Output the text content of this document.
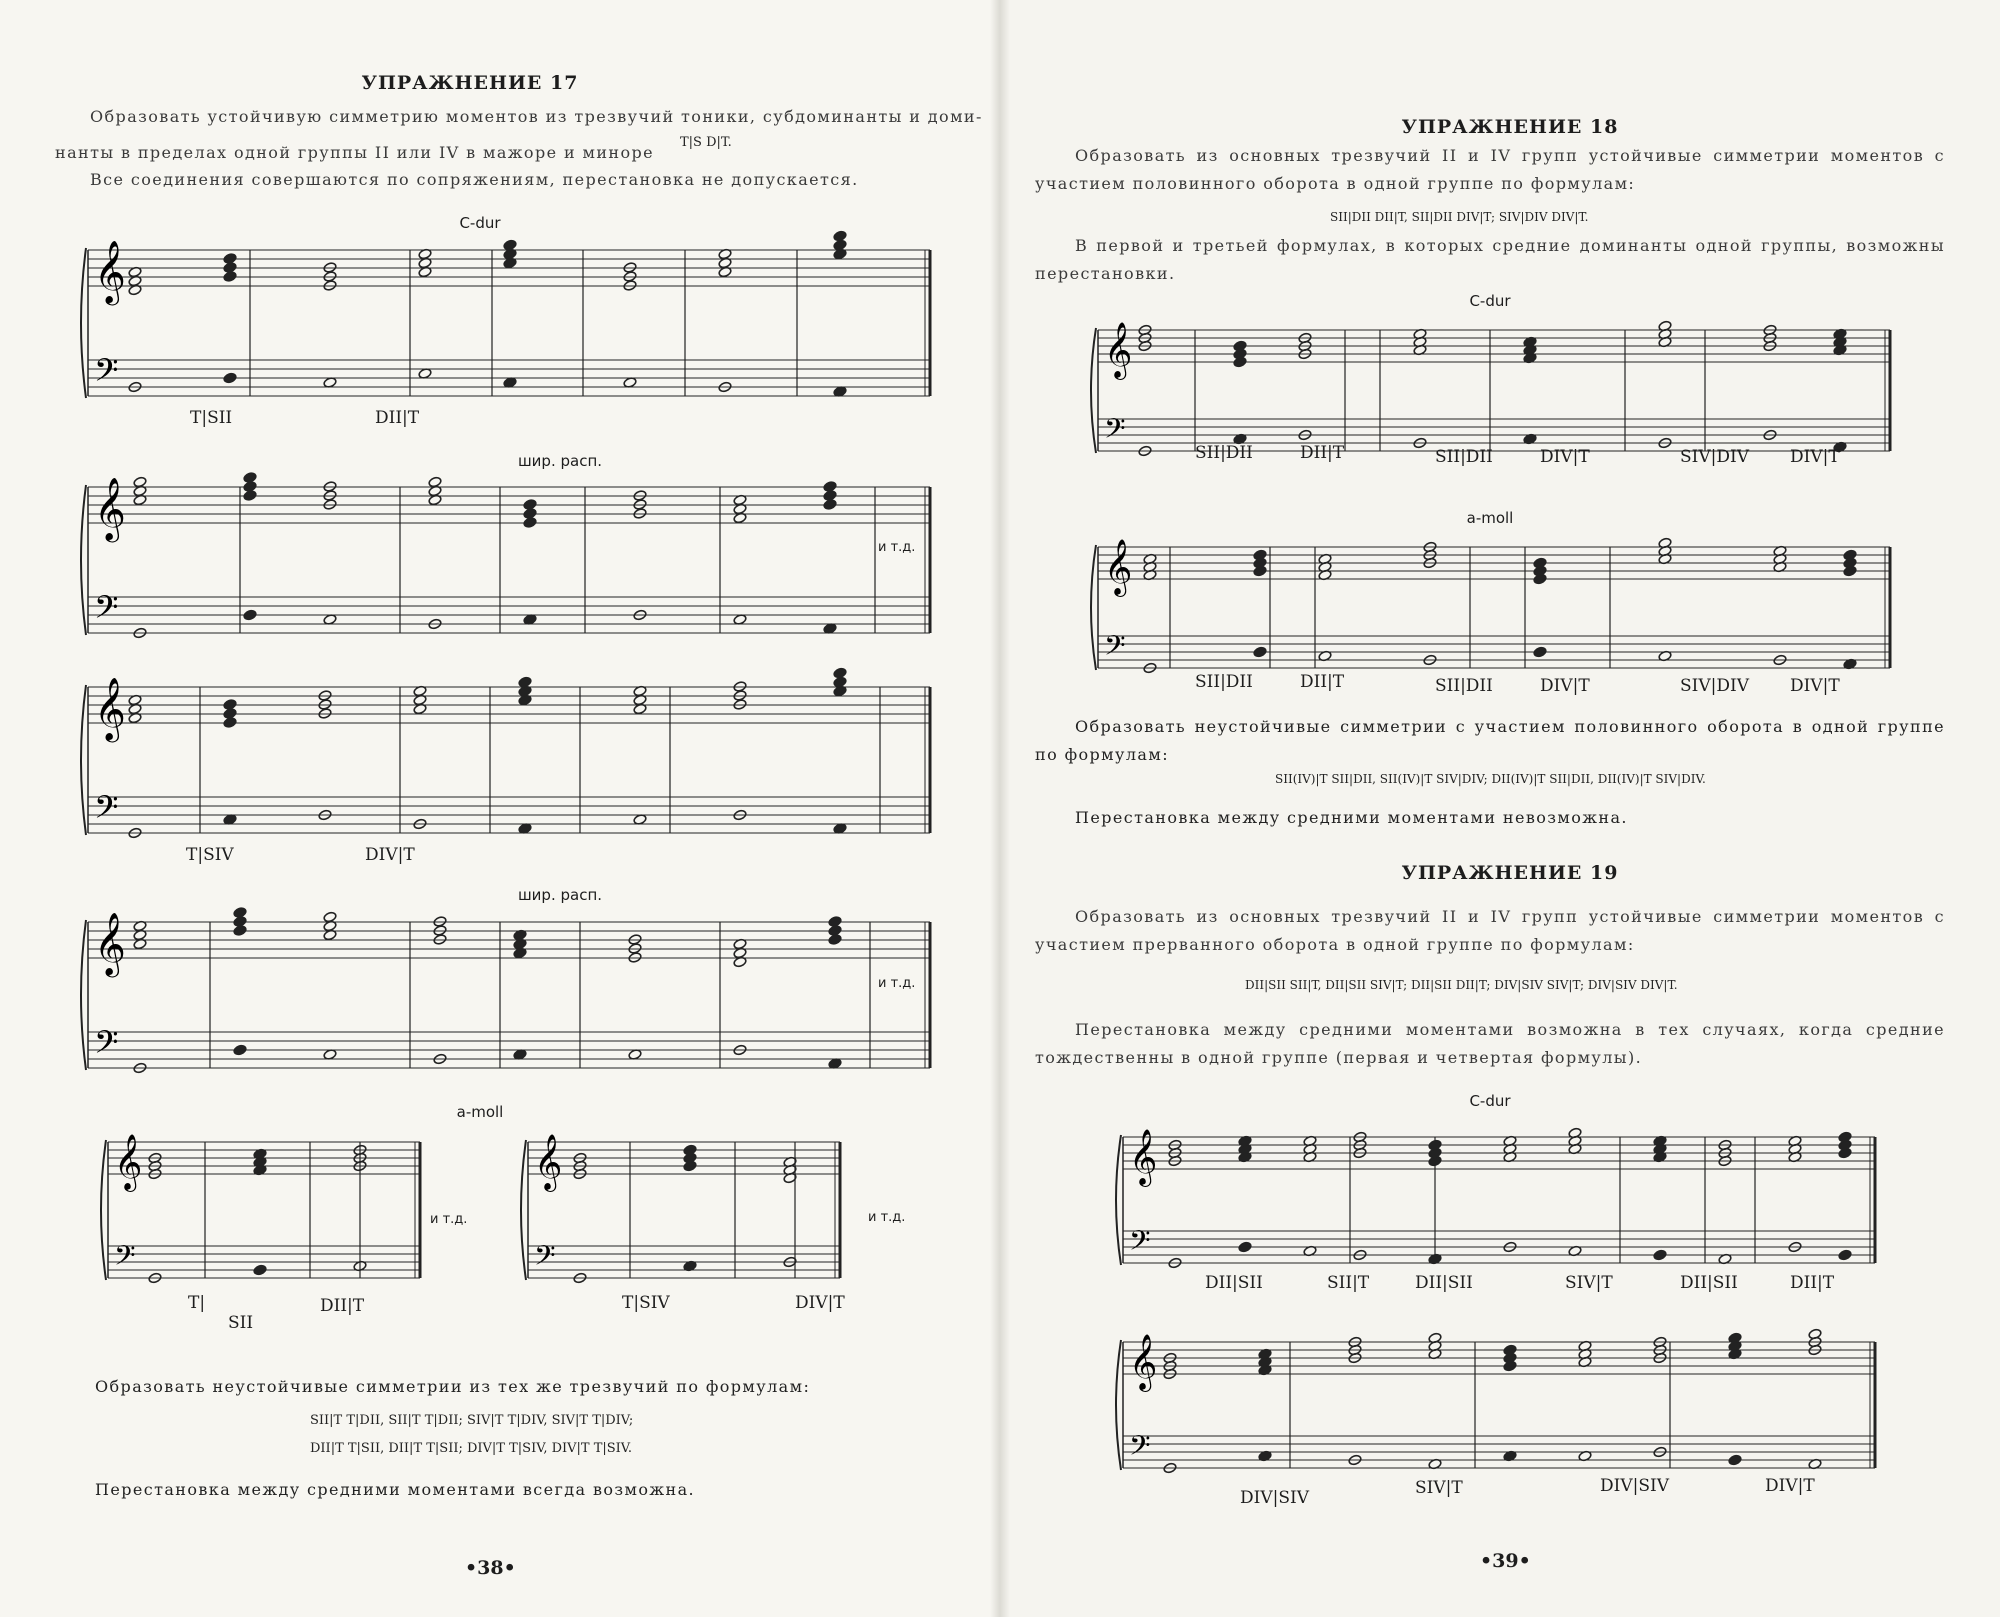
УПРАЖНЕНИЕ 17
Образовать устойчивую симметрию моментов из трезвучий тоники, субдоминанты и доми-
нанты в пределах одной группы II или IV в мажоре и миноре
T|S D|T.
Все соединения совершаются по сопряжениям, перестановка не допускается.
C-dur
шир. расп.
шир. расп.
a-moll
𝄞
𝄢
T|SII	DII|T
𝄞
𝄢
и т.д.
𝄞
𝄢
T|SIV	DIV|T
𝄞
𝄢
и т.д.
𝄞
𝄢
и т.д.
T|
SII
DII|T
𝄞
𝄢
и т.д.
T|SIV	DIV|T
Образовать неустойчивые симметрии из тех же трезвучий по формулам:
SII|T T|DII, SII|T T|DII; SIV|T T|DIV, SIV|T T|DIV;
DII|T T|SII, DII|T T|SII; DIV|T T|SIV, DIV|T T|SIV.
Перестановка между средними моментами всегда возможна.
•38•
УПРАЖНЕНИЕ 18
Образовать из основных трезвучий II и IV групп устойчивые симметрии моментов с участием половинного оборота в одной группе по формулам:
SII|DII DII|T, SII|DII DIV|T; SIV|DIV DIV|T.
В первой и третьей формулах, в которых средние доминанты одной группы, возможны перестановки.
C-dur
𝄞
𝄢
SII|DII	DII|T	SII|DII	DIV|T	SIV|DIV DIV|T
a-moll
𝄞
𝄢
SII|DII	DII|T	SII|DII	DIV|T	SIV|DIV DIV|T
Образовать неустойчивые симметрии с участием половинного оборота в одной группе по формулам:
SII(IV)|T SII|DII, SII(IV)|T SIV|DIV; DII(IV)|T SII|DII, DII(IV)|T SIV|DIV.
Перестановка между средними моментами невозможна.
УПРАЖНЕНИЕ 19
Образовать из основных трезвучий II и IV групп устойчивые симметрии моментов с участием прерванного оборота в одной группе по формулам:
DII|SII SII|T, DII|SII SIV|T; DII|SII DII|T; DIV|SIV SIV|T; DIV|SIV DIV|T.
Перестановка между средними моментами возможна в тех случаях, когда средние тождественны в одной группе (первая и четвертая формулы).
C-dur
𝄞
𝄢
DII|SII	SII|T	DII|SII	SIV|T	DII|SII	DII|T
𝄞
𝄢
DIV|SIV	SIV|T	DIV|SIV	DIV|T
•39•
